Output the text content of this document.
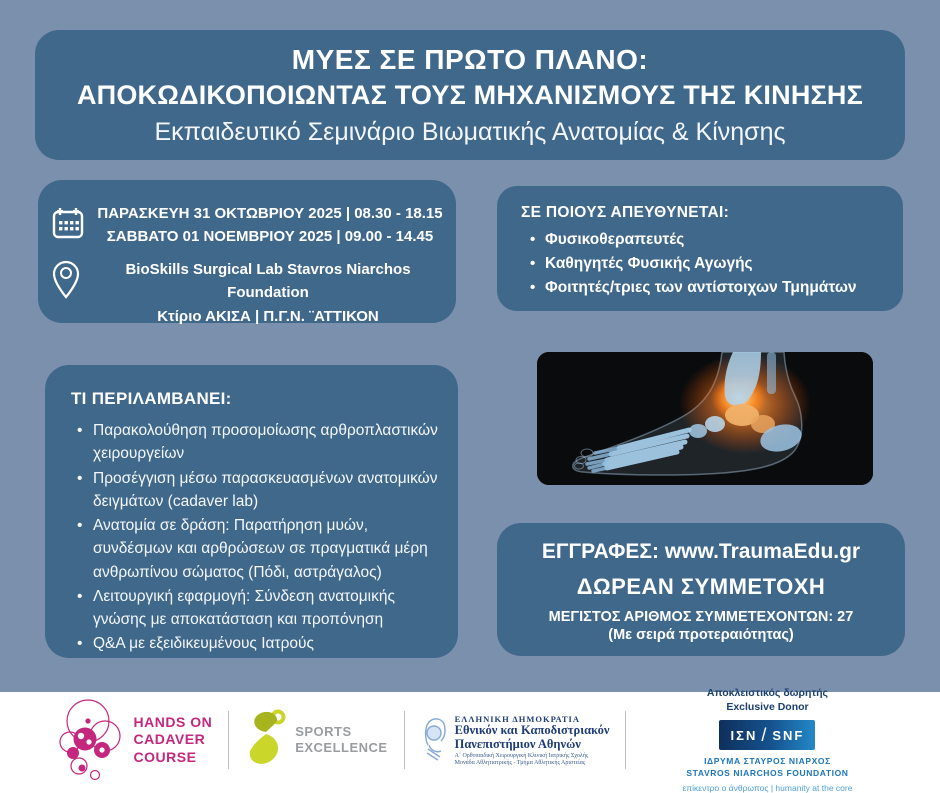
ΜΥΕΣ ΣΕ ΠΡΩΤΟ ΠΛΑΝΟ:
ΑΠΟΚΩΔΙΚΟΠΟΙΩΝΤΑΣ ΤΟΥΣ ΜΗΧΑΝΙΣΜΟΥΣ ΤΗΣ ΚΙΝΗΣΗΣ
Εκπαιδευτικό Σεμινάριο Βιωματικής Ανατομίας & Κίνησης
ΠΑΡΑΣΚΕΥΗ 31 ΟΚΤΩΒΡΙΟΥ 2025 | 08.30 - 18.15
ΣΑΒΒΑΤΟ 01 ΝΟΕΜΒΡΙΟΥ 2025 | 09.00 - 14.45
BioSkills Surgical Lab Stavros Niarchos Foundation
Κτίριο ΑΚΙΣΑ | Π.Γ.Ν. ¨ΑΤΤΙΚΟΝ
ΣΕ ΠΟΙΟΥΣ ΑΠΕΥΘΥΝΕΤΑΙ:
• Φυσικοθεραπευτές
• Καθηγητές Φυσικής Αγωγής
• Φοιτητές/τριες των αντίστοιχων Τμημάτων
ΤΙ ΠΕΡΙΛΑΜΒΑΝΕΙ:
• Παρακολούθηση προσομοίωσης αρθροπλαστικών χειρουργείων
• Προσέγγιση μέσω παρασκευασμένων ανατομικών δειγμάτων (cadaver lab)
• Ανατομία σε δράση: Παρατήρηση μυών, συνδέσμων και αρθρώσεων σε πραγματικά μέρη ανθρωπίνου σώματος (Πόδι, αστράγαλος)
• Λειτουργική εφαρμογή: Σύνδεση ανατομικής γνώσης με αποκατάσταση και προπόνηση
• Q&A με εξειδικευμένους Ιατρούς
ΕΓΓΡΑΦΕΣ: www.TraumaEdu.gr
ΔΩΡΕΑΝ ΣΥΜΜΕΤΟΧΗ
ΜΕΓΙΣΤΟΣ ΑΡΙΘΜΟΣ ΣΥΜΜΕΤΕΧΟΝΤΩΝ: 27
(Με σειρά προτεραιότητας)
HANDS ON
CADAVER
COURSE
SPORTS
EXCELLENCE
ΕΛΛΗΝΙΚΗ ΔΗΜΟΚΡΑΤΙΑ
Εθνικόν και Καποδιστριακόν
Πανεπιστήμιον Αθηνών
Α΄ Ορθοπαιδική Χειρουργική Κλινική Ιατρικής Σχολής
Μονάδα Αθλητιατρικής - Τμήμα Αθλητικής Αριστείας
Αποκλειστικός δωρητής
Exclusive Donor
ΙΣΝ / SNF
ΙΔΡΥΜΑ ΣΤΑΥΡΟΣ ΝΙΑΡΧΟΣ
STAVROS NIARCHOS FOUNDATION
επίκεντρο ο άνθρωπος | humanity at the core
